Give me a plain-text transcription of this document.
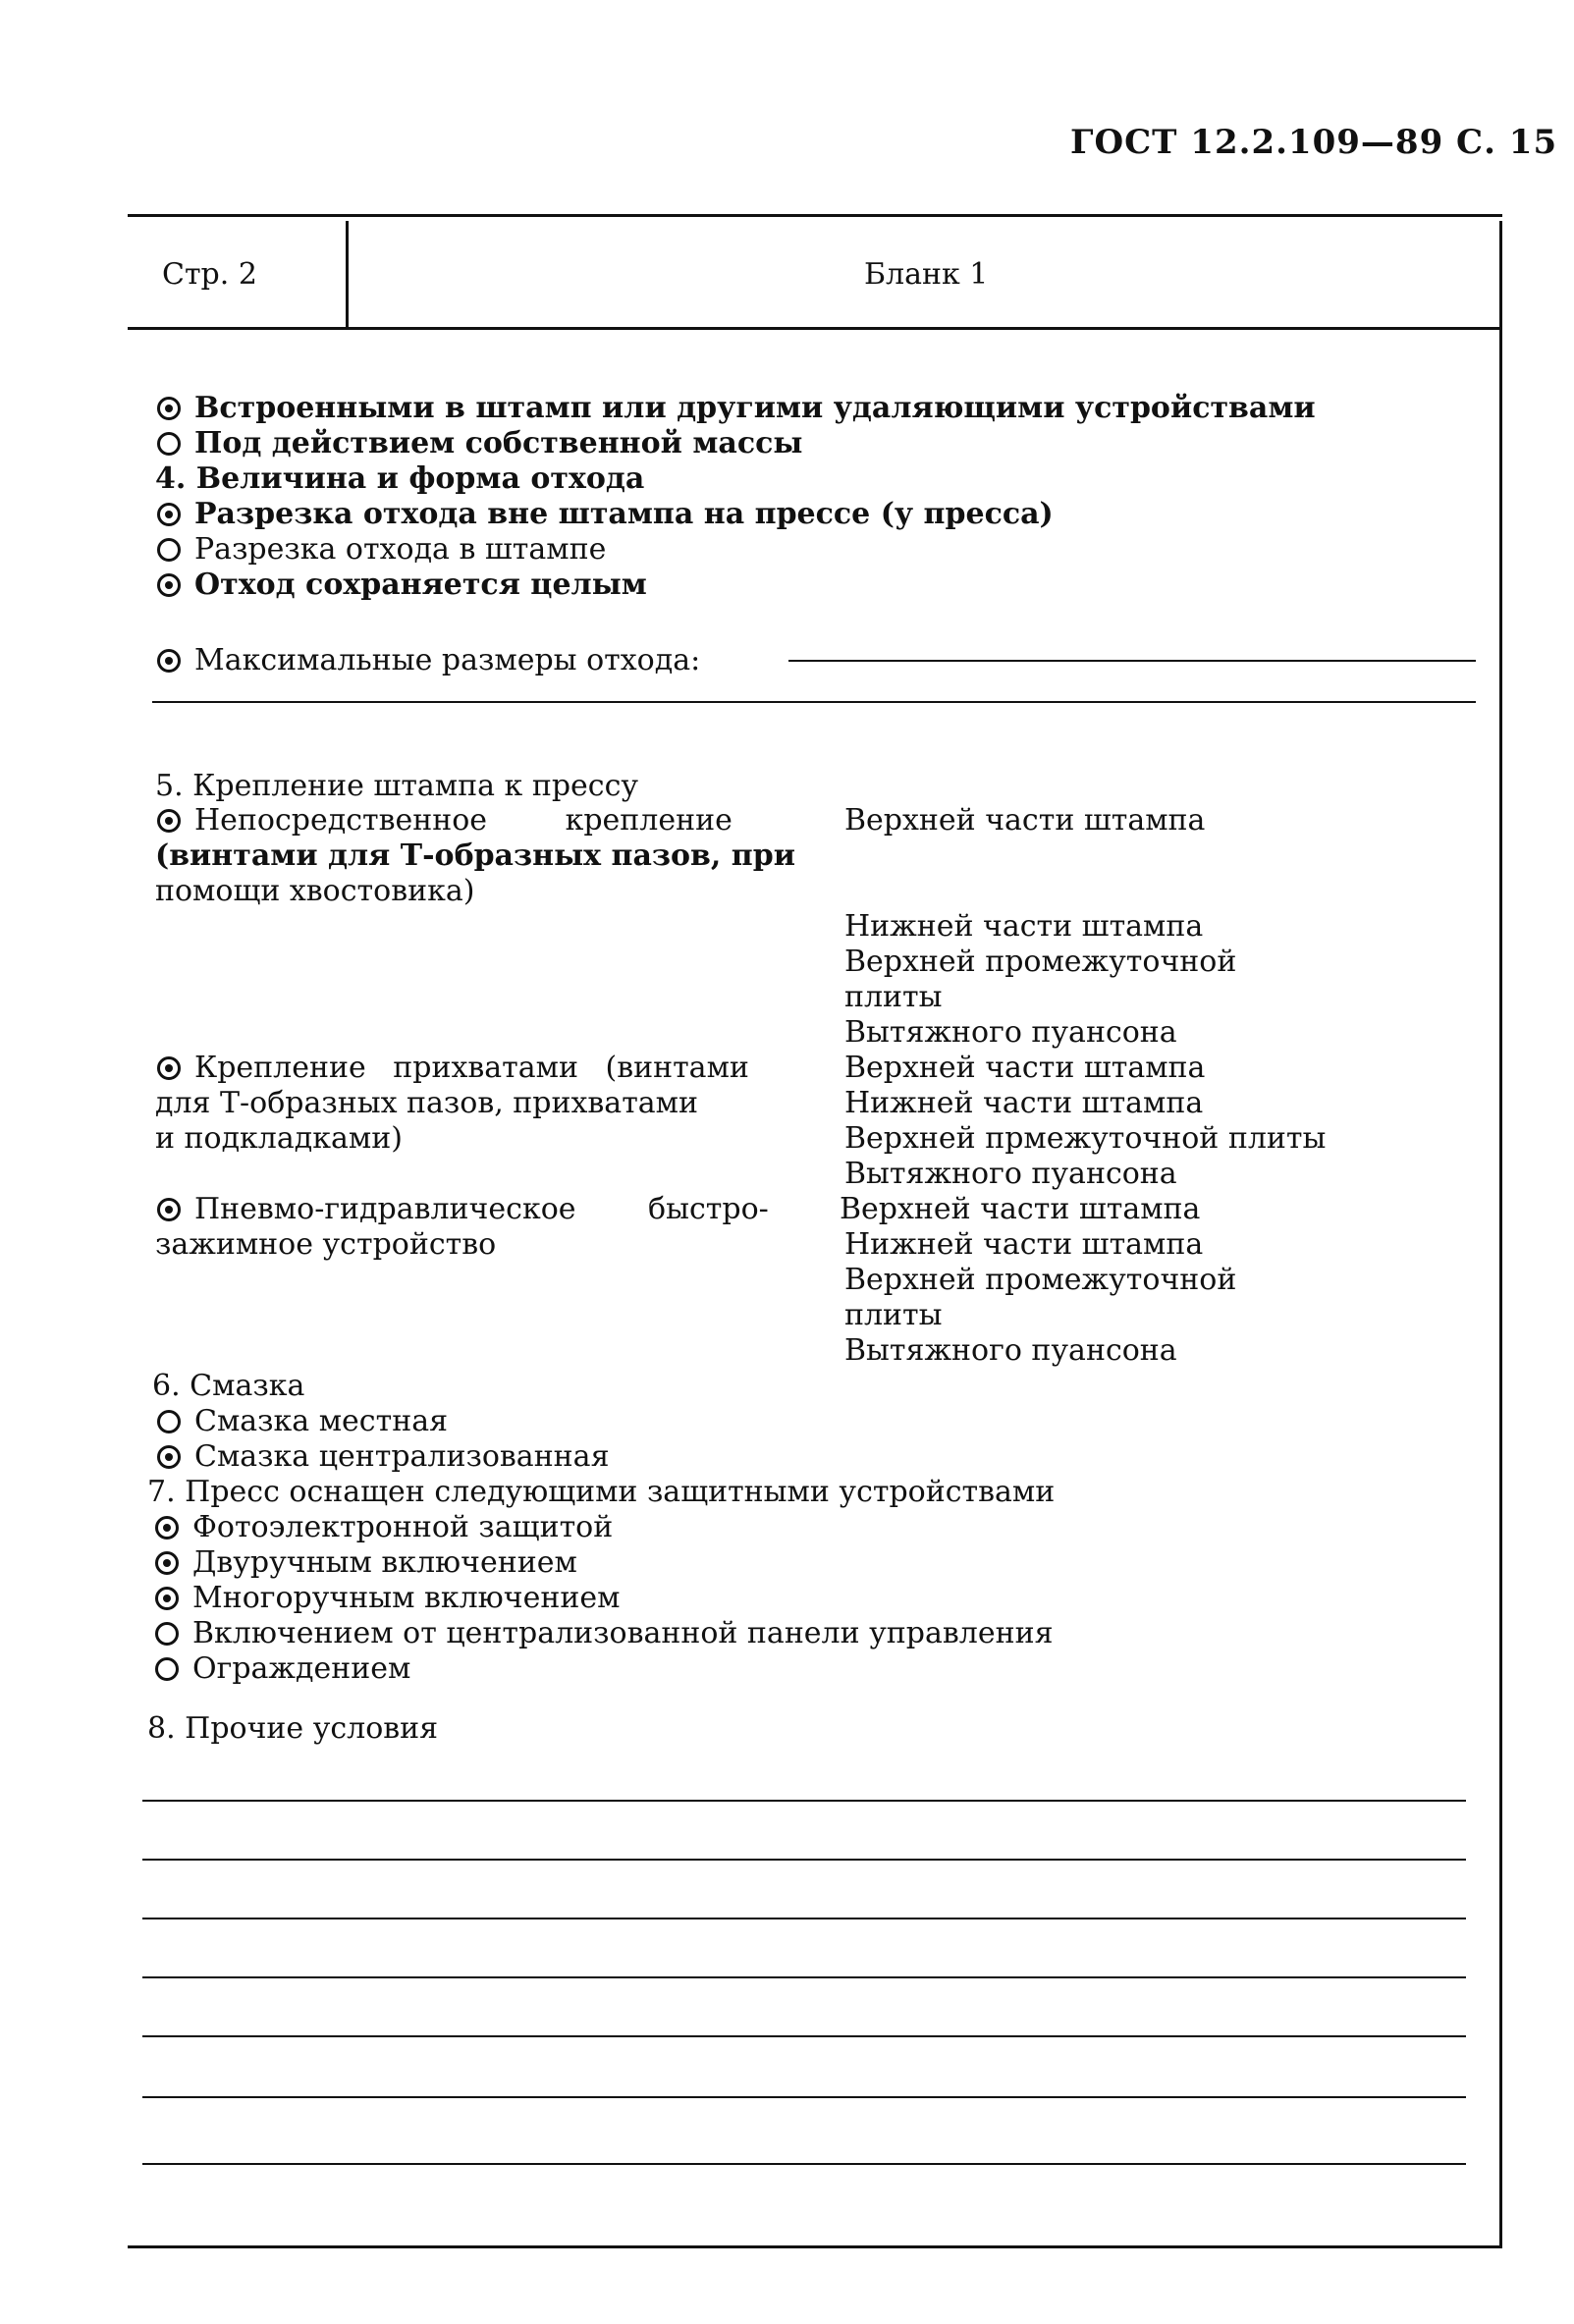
ГОСТ 12.2.109—89 С. 15
Стр. 2	Бланк 1
Встроенными в штамп или другими удаляющими устройствами
Под действием собственной массы
4. Величина и форма отхода
Разрезка отхода вне штампа на прессе (у пресса)
Разрезка отхода в штампе
Отход сохраняется целым
Максимальные размеры отхода:
5. Крепление штампа к прессу
Непосредственное крепление
(винтами для Т-образных пазов, при
помощи хвостовика)
Верхней части штампа
Нижней части штампа
Верхней промежуточной
плиты
Вытяжного пуансона
Крепление прихватами (винтами
для Т-образных пазов, прихватами
и подкладками)
Верхней части штампа
Нижней части штампа
Верхней прмежуточной плиты
Вытяжного пуансона
Пневмо-гидравлическое быстро-
зажимное устройство
Верхней части штампа
Нижней части штампа
Верхней промежуточной
плиты
Вытяжного пуансона
6. Смазка
Смазка местная
Смазка централизованная
7. Пресс оснащен следующими защитными устройствами
Фотоэлектронной защитой
Двуручным включением
Многоручным включением
Включением от централизованной панели управления
Ограждением
8. Прочие условия
